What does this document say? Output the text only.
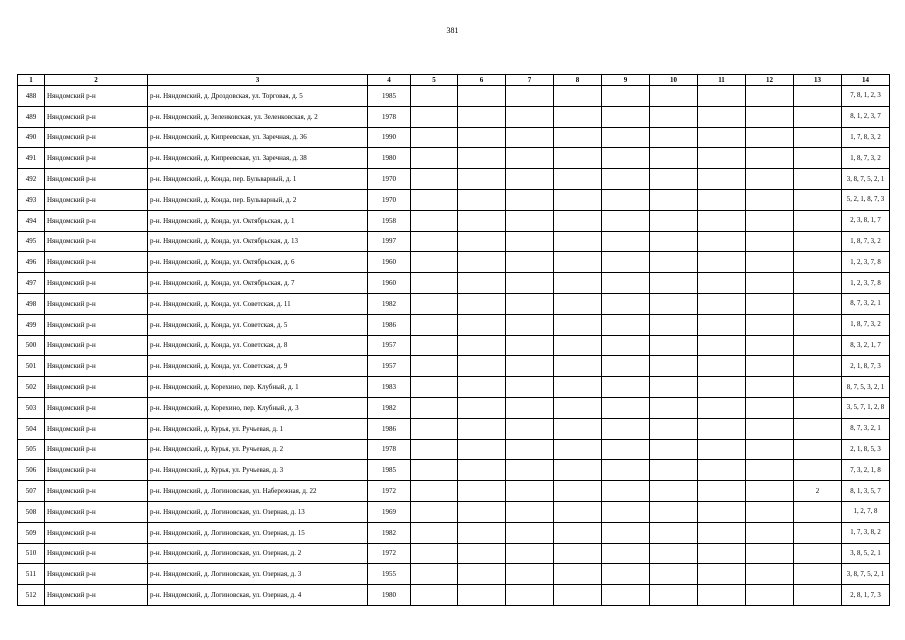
381
1	2	3	4	5	6	7	8	9	10	11	12	13	14
488	Няндомский р-н	р-н. Няндомский, д. Дроздовская, ул. Торговая, д. 5	1985										7, 8, 1, 2, 3
489	Няндомский р-н	р-н. Няндомский, д. Зеленковская, ул. Зеленковская, д. 2	1978										8, 1, 2, 3, 7
490	Няндомский р-н	р-н. Няндомский, д. Кипреевская, ул. Заречная, д. 36	1990										1, 7, 8, 3, 2
491	Няндомский р-н	р-н. Няндомский, д. Кипреевская, ул. Заречная, д. 38	1980										1, 8, 7, 3, 2
492	Няндомский р-н	р-н. Няндомский, д. Конда, пер. Бульварный, д. 1	1970										3, 8, 7, 5, 2, 1
493	Няндомский р-н	р-н. Няндомский, д. Конда, пер. Бульварный, д. 2	1970										5, 2, 1, 8, 7, 3
494	Няндомский р-н	р-н. Няндомский, д. Конда, ул. Октябрьская, д. 1	1958										2, 3, 8, 1, 7
495	Няндомский р-н	р-н. Няндомский, д. Конда, ул. Октябрьская, д. 13	1997										1, 8, 7, 3, 2
496	Няндомский р-н	р-н. Няндомский, д. Конда, ул. Октябрьская, д. 6	1960										1, 2, 3, 7, 8
497	Няндомский р-н	р-н. Няндомский, д. Конда, ул. Октябрьская, д. 7	1960										1, 2, 3, 7, 8
498	Няндомский р-н	р-н. Няндомский, д. Конда, ул. Советская, д. 11	1982										8, 7, 3, 2, 1
499	Няндомский р-н	р-н. Няндомский, д. Конда, ул. Советская, д. 5	1986										1, 8, 7, 3, 2
500	Няндомский р-н	р-н. Няндомский, д. Конда, ул. Советская, д. 8	1957										8, 3, 2, 1, 7
501	Няндомский р-н	р-н. Няндомский, д. Конда, ул. Советская, д. 9	1957										2, 1, 8, 7, 3
502	Няндомский р-н	р-н. Няндомский, д. Корехино, пер. Клубный, д. 1	1983										8, 7, 5, 3, 2, 1
503	Няндомский р-н	р-н. Няндомский, д. Корехино, пер. Клубный, д. 3	1982										3, 5, 7, 1, 2, 8
504	Няндомский р-н	р-н. Няндомский, д. Курья, ул. Ручьевая, д. 1	1986										8, 7, 3, 2, 1
505	Няндомский р-н	р-н. Няндомский, д. Курья, ул. Ручьевая, д. 2	1978										2, 1, 8, 5, 3
506	Няндомский р-н	р-н. Няндомский, д. Курья, ул. Ручьевая, д. 3	1985										7, 3, 2, 1, 8
507	Няндомский р-н	р-н. Няндомский, д. Логиновская, ул. Набережная, д. 22	1972									2	8, 1, 3, 5, 7
508	Няндомский р-н	р-н. Няндомский, д. Логиновская, ул. Озерная, д. 13	1969										1, 2, 7, 8
509	Няндомский р-н	р-н. Няндомский, д. Логиновская, ул. Озерная, д. 15	1982										1, 7, 3, 8, 2
510	Няндомский р-н	р-н. Няндомский, д. Логиновская, ул. Озерная, д. 2	1972										3, 8, 5, 2, 1
511	Няндомский р-н	р-н. Няндомский, д. Логиновская, ул. Озерная, д. 3	1955										3, 8, 7, 5, 2, 1
512	Няндомский р-н	р-н. Няндомский, д. Логиновская, ул. Озерная, д. 4	1980										2, 8, 1, 7, 3
